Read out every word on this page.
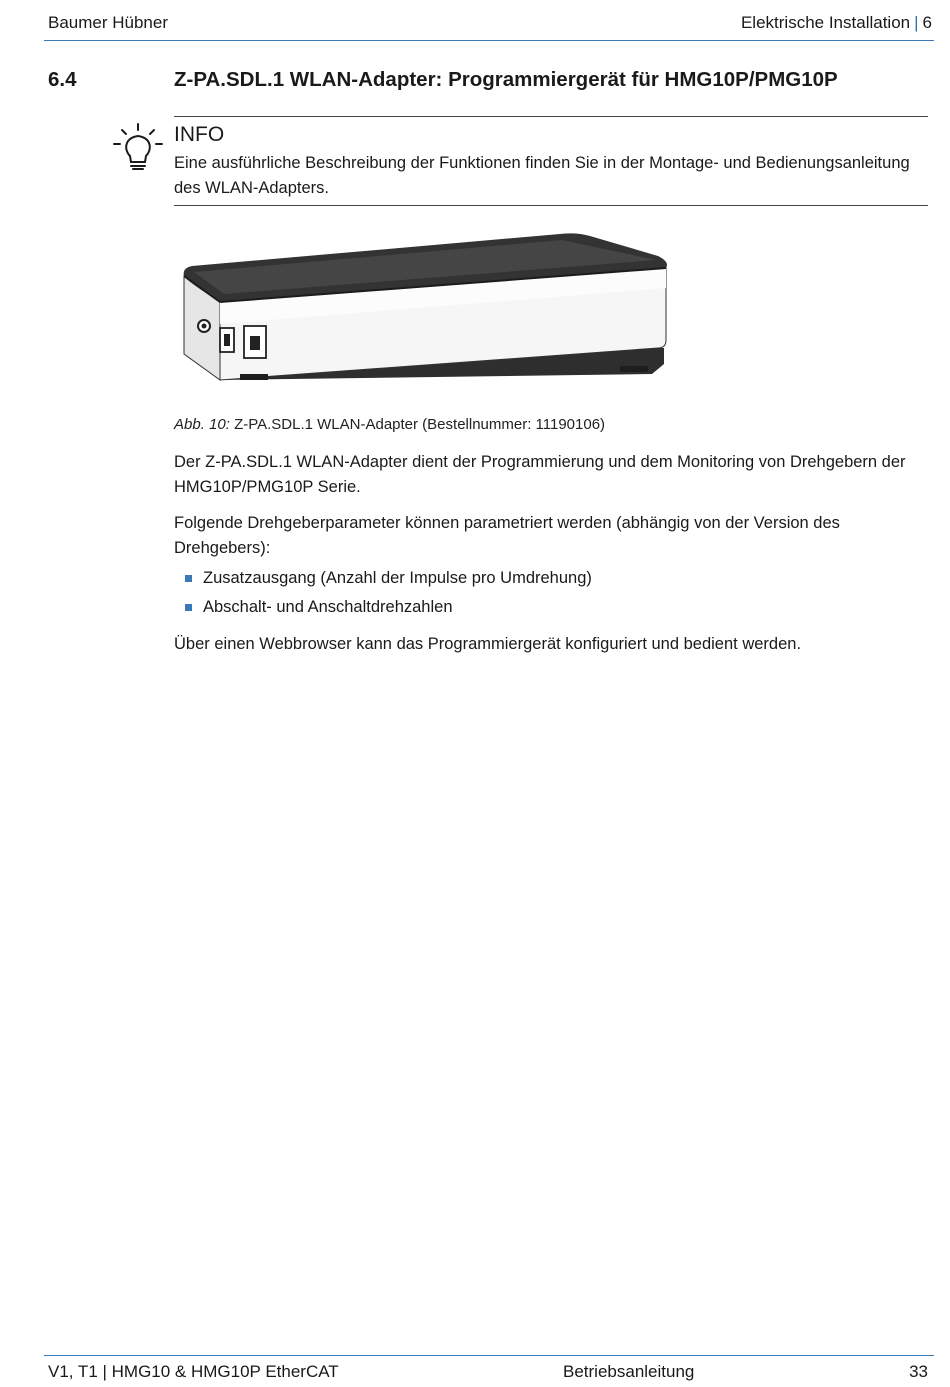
Baumer Hübner	Elektrische Installation | 6
6.4	Z-PA.SDL.1 WLAN-Adapter: Programmiergerät für HMG10P/PMG10P
INFO
Eine ausführliche Beschreibung der Funktionen finden Sie in der Montage- und Bedienungsanleitung des WLAN-Adapters.
Abb. 10: Z-PA.SDL.1 WLAN-Adapter (Bestellnummer: 11190106)
Der Z-PA.SDL.1 WLAN-Adapter dient der Programmierung und dem Monitoring von Drehgebern der HMG10P/PMG10P Serie.
Folgende Drehgeberparameter können parametriert werden (abhängig von der Version des Drehgebers):
Zusatzausgang (Anzahl der Impulse pro Umdrehung)
Abschalt- und Anschaltdrehzahlen
Über einen Webbrowser kann das Programmiergerät konfiguriert und bedient werden.
V1, T1 | HMG10 & HMG10P EtherCAT	Betriebsanleitung	33
